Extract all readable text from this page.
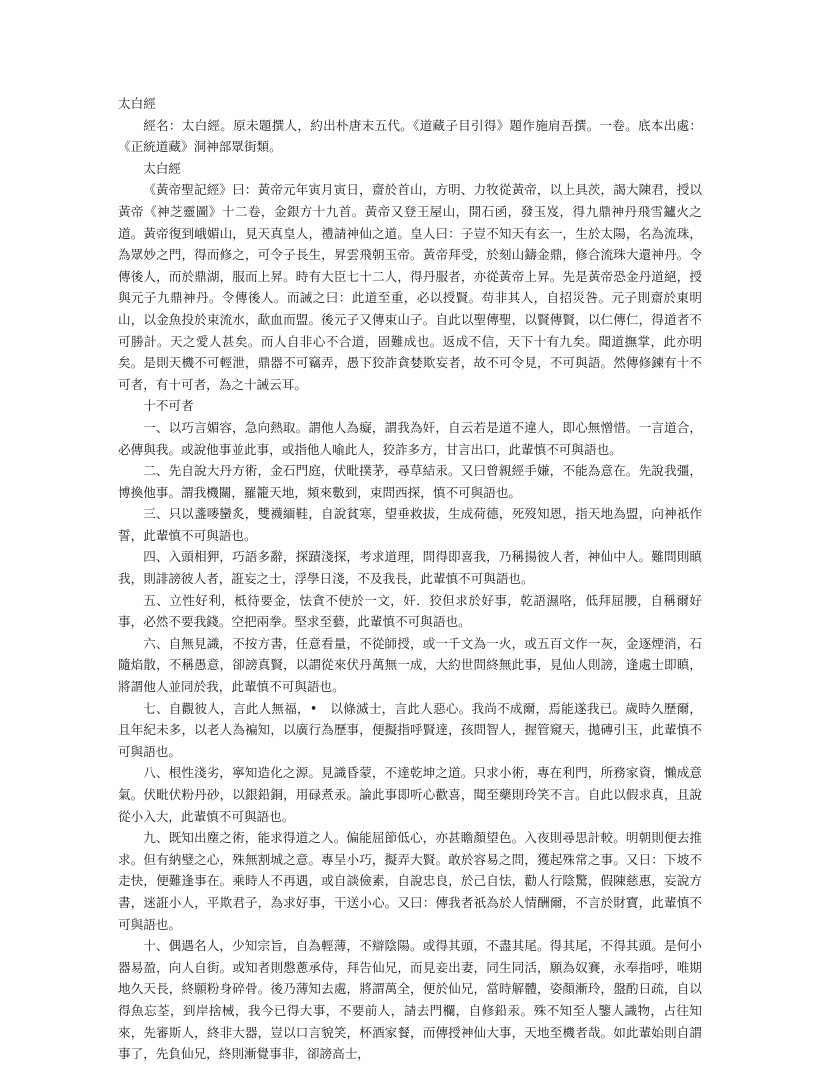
太白經

經名：太白經。原未題撰人，約出朴唐末五代。《道藏子目引得》題作施肩吾撰。一卷。底本出處：《正統道藏》洞神部眾街類。

太白經

《黃帝聖記經》曰：黃帝元年寅月寅日，齋於首山，方明、力牧從黃帝，以上具茨，謁大陳君，授以黃帝《神芝靈圖》十二卷，金銀方十九首。黃帝又登王屋山，開石函，發玉岌，得九鼎神丹飛雪鑪火之道。黃帝復到峨媚山，見天真皇人，禮請神仙之道。皇人曰：子豈不知天有玄一，生於太陽，名為流珠，為眾妙之門，得而修之，可令子長生，昇雲飛朝玉帝。黃帝拜受，於刻山鑄金鼎，修合流珠大還神丹。令傳後人，而於鼎湖，服而上昇。時有大臣七十二人，得丹服者，亦從黃帝上昇。先是黃帝恐金丹道絕，授與元子九鼎神丹。令傳後人。而誡之曰：此道至重，必以授賢。苟非其人，自招災咎。元子則齋於東明山，以金魚投於束流水，歃血而盟。後元子又傳束山子。自此以聖傳聖，以賢傳賢，以仁傳仁，得道者不可勝計。天之愛人甚矣。而人自非心不合道，固難成也。返成不信，天下十有九矣。聞道撫掌，此亦明矣。是則天機不可輕泄，鼎器不可竊弄，愚下狡詐貪婪欺妄者，故不可令見，不可與語。然傳修鍊有十不可者，有十可者，為之十誡云耳。

十不可者

一、以巧言媚容，急向熱取。謂他人為癡，謂我為奸，自云若是道不違人，即心無憎惜。一言道合，必傳與我。或說他事並此事，或指他人喻此人，狡詐多方，甘言出口，此輩慎不可與語也。

二、先自說大丹方術，金石門庭，伏毗撲茅，尋草結汞。又曰曾親經手嫌，不能為意在。先說我彊，博換他事。謂我機關，羅籠天地，頻來數到，束問西探，慎不可與語也。

三、只以盞嘜蠻炙，雙襪緬鞋，自說貧寒，望垂救拔，生成荷德，死歿知恩，指天地為盟，向神祇作誓，此輩慎不可與語也。

四、入頭相狎，巧語多辭，探蹟淺探，考求道理，問得即喜我，乃稱揚彼人者，神仙中人。難問則瞋我，則誹謗彼人者，誑妄之士，浮學日淺，不及我長，此輩慎不可與語也。

五、立性好利，柢待要金，怯貪不使於一文，奸．狡但求於好事，乾語濕咯，低拜屈腰，自稱爾好事，必然不要我錢。空把兩拳。堅求至藝，此輩慎不可與語也。

六、自無見識，不按方書，任意看量，不從師授，或一千文為一火，或五百文作一灰，金逐煙消，石隨焰散，不稱愚意，卻謗真賢，以謂從來伏丹萬無一成，大約世問終無此事，見仙人則謗，逢處士即瞋，將謂他人並同於我，此輩慎不可與語也。

七、自觀彼人，言此人無福，•　以條滅士，言此人惡心。我尚不成爾，焉能遂我已。歲時久歷爾，且年紀未多，以老人為褊知，以廣行為歷事，便擬指呼賢達，孩問智人，握管窺天，拋磚引玉，此輩慎不可與語也。

八、根性淺劣，寧知造化之源。見識昏蒙，不達乾坤之道。只求小術，專在利門，所務家資，懶成意氣。伏毗伏粉丹砂，以銀鉛銅，用碌煮汞。論此事即听心歡喜，聞至藥則玲笑不言。自此以假求真，且說從小入大，此輩慎不可與語也。

九、既知出塵之術，能求得道之人。偏能屈節低心，亦甚瞻顏望色。入夜則尋思計較。明朝則便去推求。但有納璧之心，殊無割城之意。專呈小巧，擬弄大賢。敢於容易之問，獲起殊常之事。又日：下坡不走快，便難逢事在。乘時人不再遇，或自談儉素，自說忠良，於己自怯，勸人行陰驚，假陳慈惠，妄說方書，迷誑小人，平欺君子，為求好事，干送小心。又曰：傳我者祇為於人情酬爾，不言於財寶，此輩慎不可與語也。

十、偶遇名人，少知宗旨，自為輕薄，不辯陰陽。或得其頭，不盡其尾。得其尾，不得其頭。是何小器易盈，向人自街。或知者則慇蔥承侍，拜告仙兄，而見妾出妻，同生同活，願為奴賽，永奉指呼，唯期地久天長，終願粉身碎骨。後乃薄知去處，將謂萬全，便於仙兄，當時解體，姿顏漸玲，盤酌日疏，自以得魚忘荃，到岸捨械，我今已得大事，不要前人，請去門欄，自修鉛汞。殊不知至人鑒人識物，占往知來，先審斯人，終非大器，豈以口言貌笑，杯酒家餐，而傳授神仙大事，天地至機者哉。如此輩始則自謂事了，先負仙兄，終則漸覺事非，卻謗高士，
